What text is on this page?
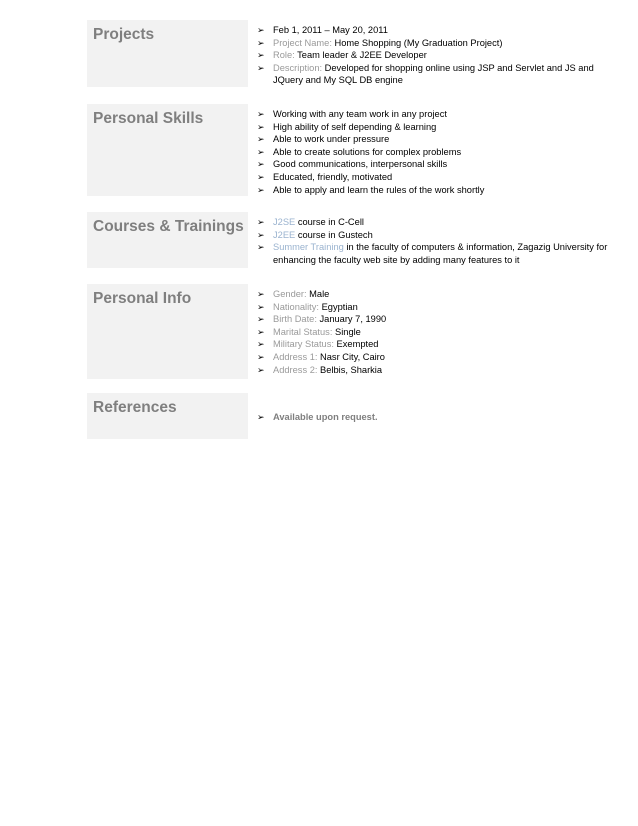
Projects	➢ Feb 1, 2011 – May 20, 2011
➢ Project Name: Home Shopping (My Graduation Project)
➢ Role: Team leader & J2EE Developer
➢ Description: Developed for shopping online using JSP and Servlet and JS and JQuery and My SQL DB engine
Personal Skills	➢ Working with any team work in any project
➢ High ability of self depending & learning
➢ Able to work under pressure
➢ Able to create solutions for complex problems
➢ Good communications, interpersonal skills
➢ Educated, friendly, motivated
➢ Able to apply and learn the rules of the work shortly
Courses & Trainings ➢ J2SE course in C-Cell
➢ J2EE course in Gustech
➢ Summer Training in the faculty of computers & information, Zagazig University for enhancing the faculty web site by adding many features to it
Personal Info	➢ Gender: Male
➢ Nationality: Egyptian
➢ Birth Date: January 7, 1990
➢ Marital Status: Single
➢ Military Status: Exempted
➢ Address 1: Nasr City, Cairo
➢ Address 2: Belbis, Sharkia
References
➢ Available upon request.
